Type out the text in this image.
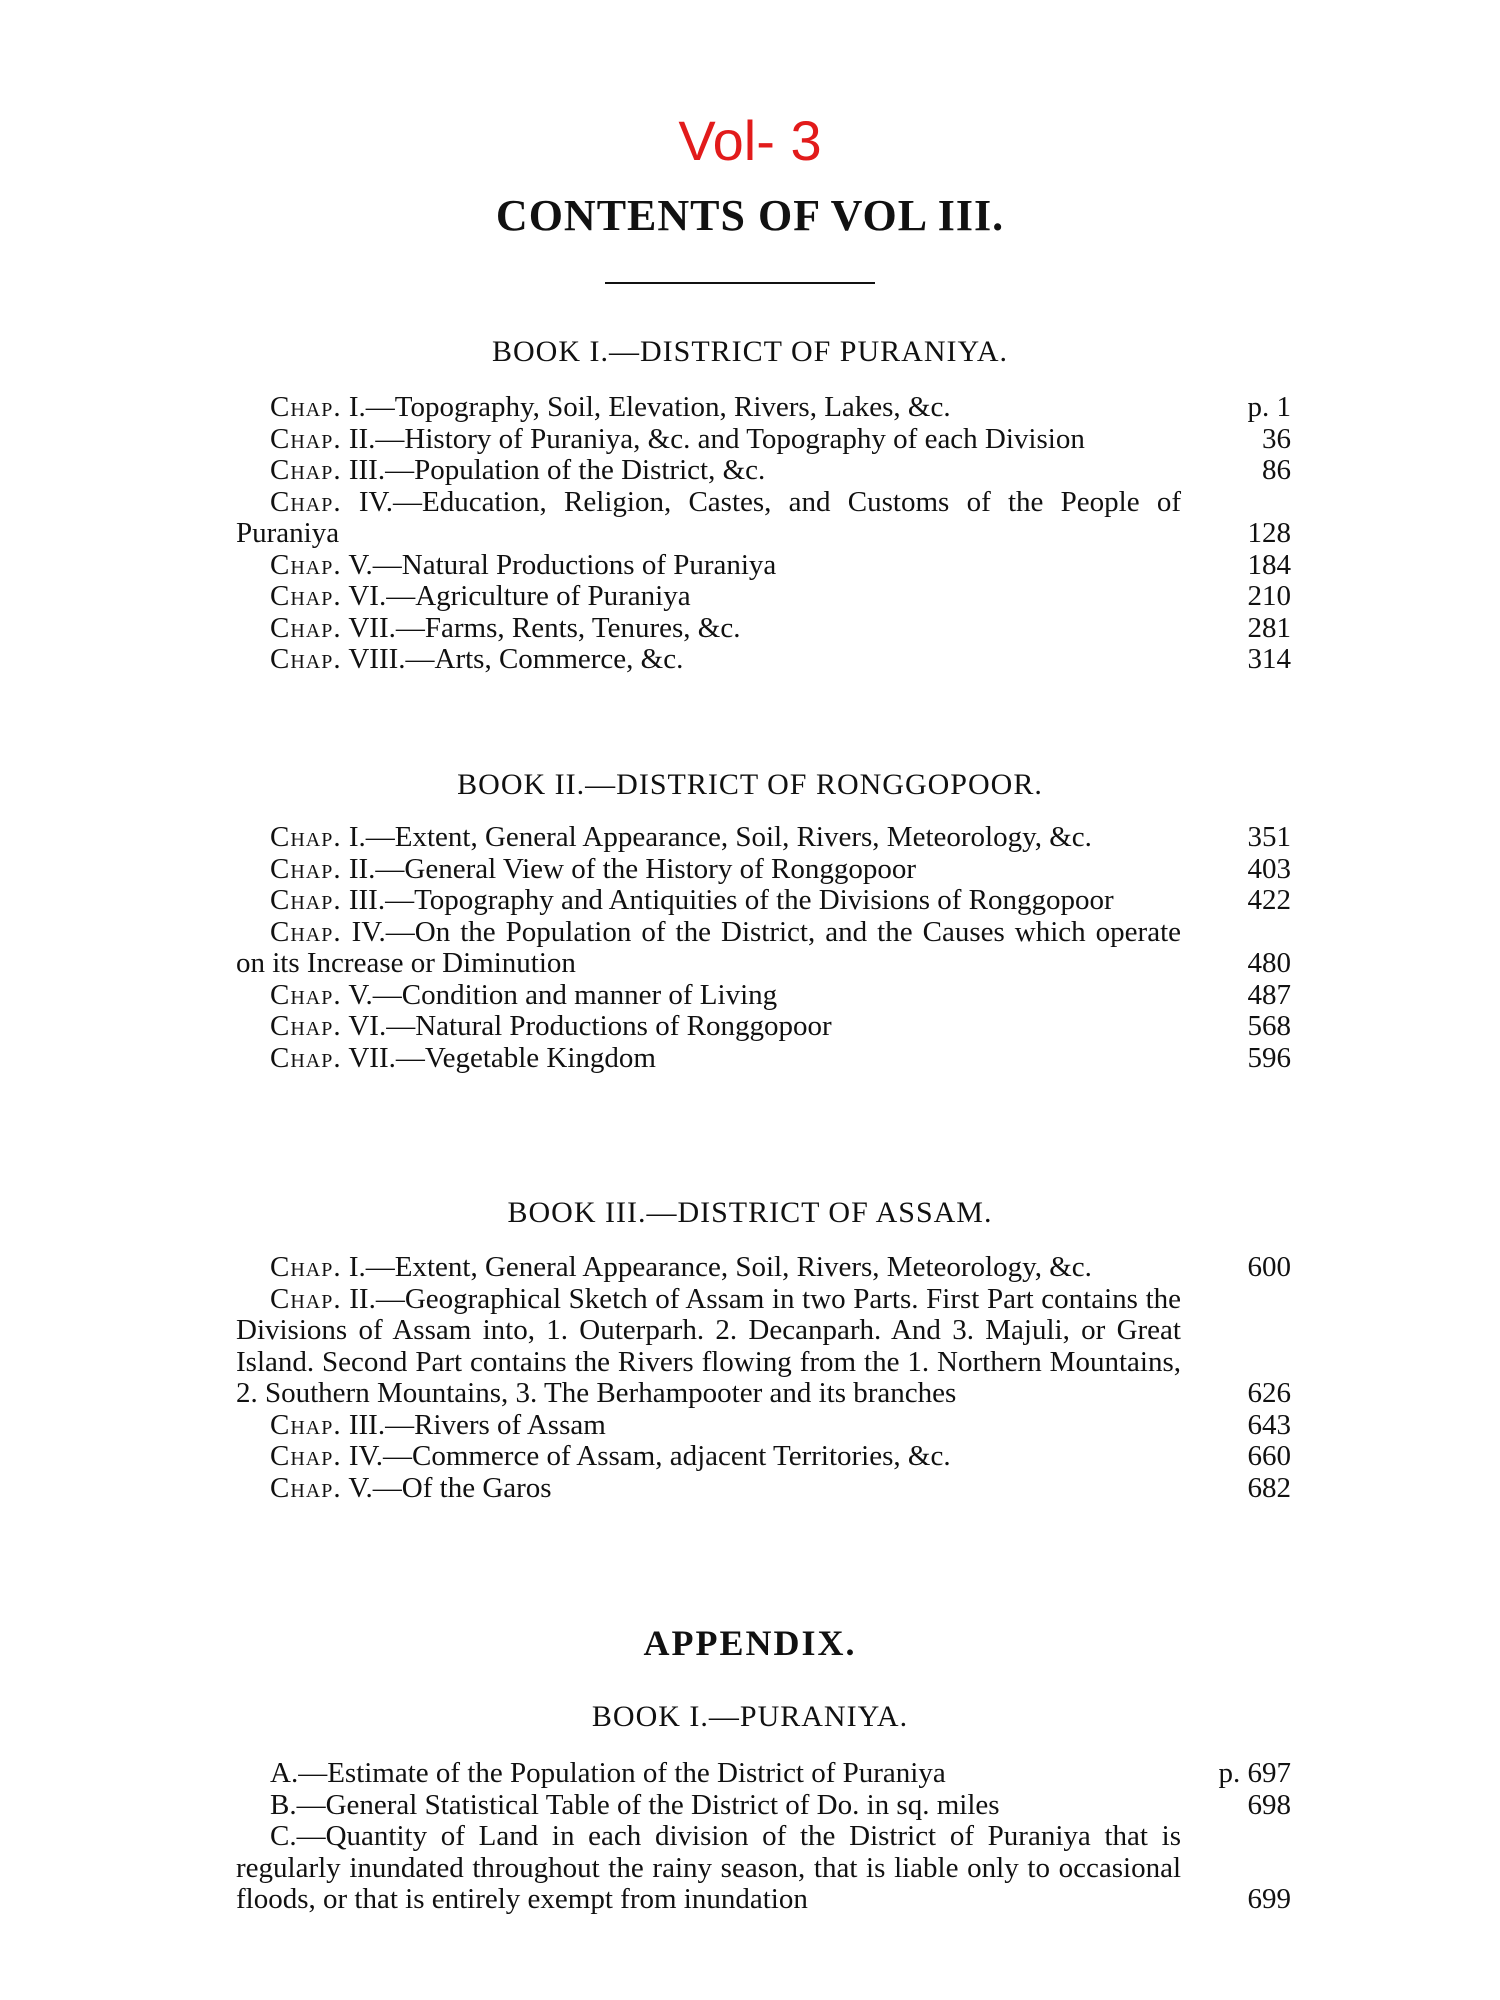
Vol- 3
CONTENTS OF VOL III.
BOOK I.—DISTRICT OF PURANIYA.
Chap. I.—Topography, Soil, Elevation, Rivers, Lakes, &c.	p. 1
Chap. II.—History of Puraniya, &c. and Topography of each Division	36
Chap. III.—Population of the District, &c.	86
Chap. IV.—Education, Religion, Castes, and Customs of the People of Puraniya	128
Chap. V.—Natural Productions of Puraniya	184
Chap. VI.—Agriculture of Puraniya	210
Chap. VII.—Farms, Rents, Tenures, &c.	281
Chap. VIII.—Arts, Commerce, &c.	314
BOOK II.—DISTRICT OF RONGGOPOOR.
Chap. I.—Extent, General Appearance, Soil, Rivers, Meteorology, &c.	351
Chap. II.—General View of the History of Ronggopoor	403
Chap. III.—Topography and Antiquities of the Divisions of Ronggopoor	422
Chap. IV.—On the Population of the District, and the Causes which operate on its Increase or Diminution	480
Chap. V.—Condition and manner of Living	487
Chap. VI.—Natural Productions of Ronggopoor	568
Chap. VII.—Vegetable Kingdom	596
BOOK III.—DISTRICT OF ASSAM.
Chap. I.—Extent, General Appearance, Soil, Rivers, Meteorology, &c.	600
Chap. II.—Geographical Sketch of Assam in two Parts. First Part contains the Divisions of Assam into, 1. Outerparh. 2. Decanparh. And 3. Majuli, or Great Island. Second Part contains the Rivers flowing from the 1. Northern Mountains, 2. Southern Mountains, 3. The Berhampooter and its branches	626
Chap. III.—Rivers of Assam	643
Chap. IV.—Commerce of Assam, adjacent Territories, &c.	660
Chap. V.—Of the Garos	682
APPENDIX.
BOOK I.—PURANIYA.
A.—Estimate of the Population of the District of Puraniya	p. 697
B.—General Statistical Table of the District of Do. in sq. miles	698
C.—Quantity of Land in each division of the District of Puraniya that is regularly inundated throughout the rainy season, that is liable only to occasional floods, or that is entirely exempt from inundation	699
